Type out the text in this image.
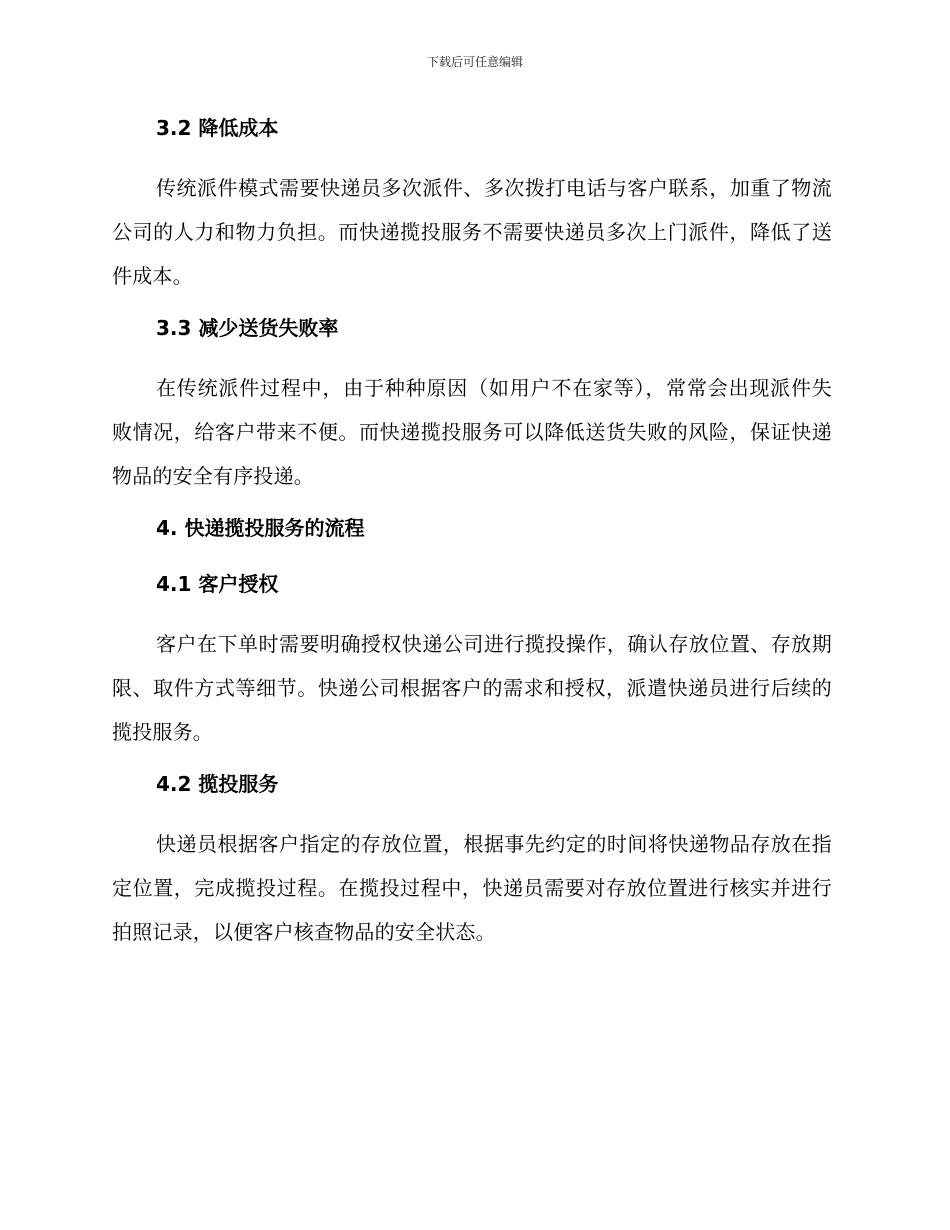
下载后可任意编辑
3.2 降低成本

传统派件模式需要快递员多次派件、多次拨打电话与客户联系，加重了物流公司的人力和物力负担。而快递揽投服务不需要快递员多次上门派件，降低了送件成本。

3.3 减少送货失败率

在传统派件过程中，由于种种原因（如用户不在家等），常常会出现派件失败情况，给客户带来不便。而快递揽投服务可以降低送货失败的风险，保证快递物品的安全有序投递。

4. 快递揽投服务的流程
4.1 客户授权

客户在下单时需要明确授权快递公司进行揽投操作，确认存放位置、存放期限、取件方式等细节。快递公司根据客户的需求和授权，派遣快递员进行后续的揽投服务。

4.2 揽投服务

快递员根据客户指定的存放位置，根据事先约定的时间将快递物品存放在指定位置，完成揽投过程。在揽投过程中，快递员需要对存放位置进行核实并进行拍照记录，以便客户核查物品的安全状态。
